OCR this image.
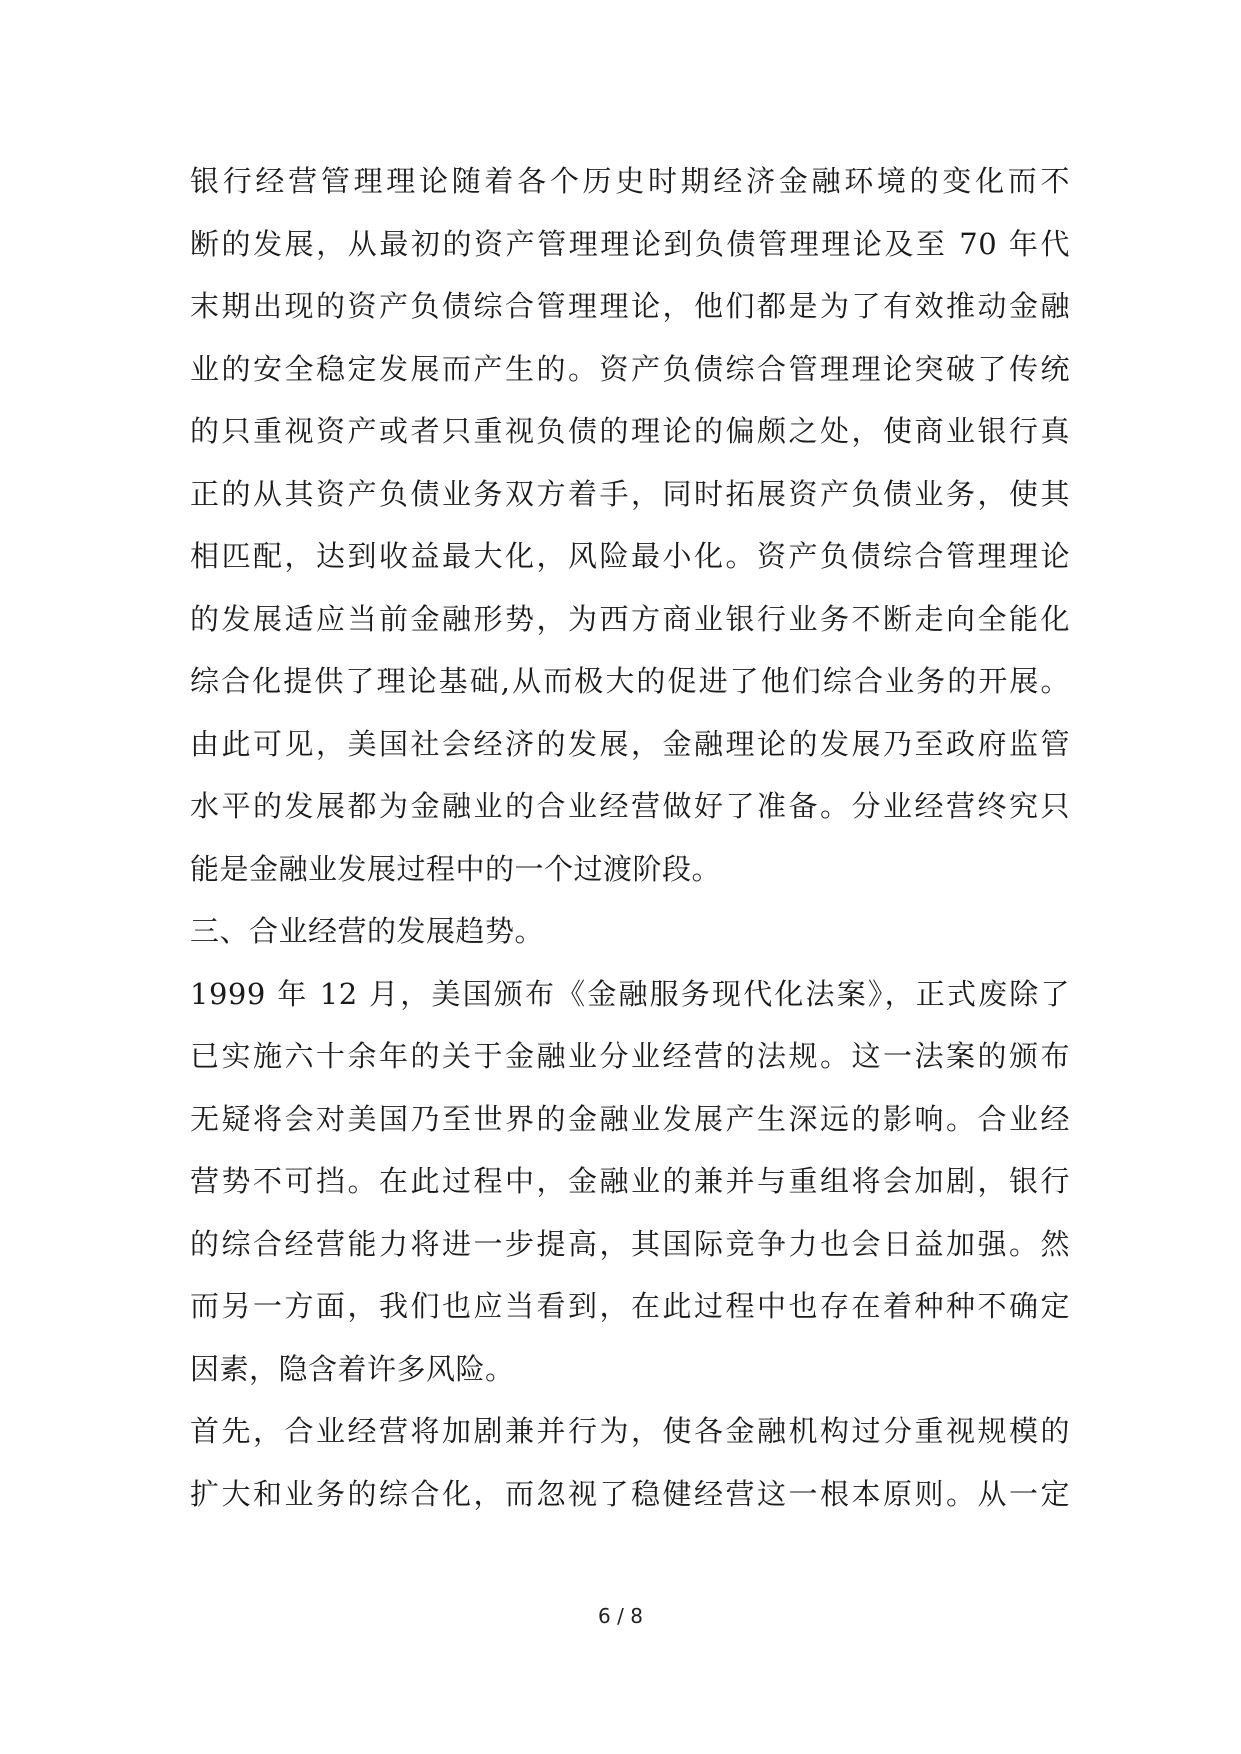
银行经营管理理论随着各个历史时期经济金融环境的变化而不
断的发展，从最初的资产管理理论到负债管理理论及至 70 年代
末期出现的资产负债综合管理理论，他们都是为了有效推动金融
业的安全稳定发展而产生的。资产负债综合管理理论突破了传统
的只重视资产或者只重视负债的理论的偏颇之处，使商业银行真
正的从其资产负债业务双方着手，同时拓展资产负债业务，使其
相匹配，达到收益最大化，风险最小化。资产负债综合管理理论
的发展适应当前金融形势，为西方商业银行业务不断走向全能化
综合化提供了理论基础,从而极大的促进了他们综合业务的开展。
由此可见，美国社会经济的发展，金融理论的发展乃至政府监管
水平的发展都为金融业的合业经营做好了准备。分业经营终究只
能是金融业发展过程中的一个过渡阶段。
三、合业经营的发展趋势。
1999 年 12 月，美国颁布《金融服务现代化法案》，正式废除了
已实施六十余年的关于金融业分业经营的法规。这一法案的颁布
无疑将会对美国乃至世界的金融业发展产生深远的影响。合业经
营势不可挡。在此过程中，金融业的兼并与重组将会加剧，银行
的综合经营能力将进一步提高，其国际竞争力也会日益加强。然
而另一方面，我们也应当看到，在此过程中也存在着种种不确定
因素，隐含着许多风险。
首先，合业经营将加剧兼并行为，使各金融机构过分重视规模的
扩大和业务的综合化，而忽视了稳健经营这一根本原则。从一定
6 / 8
